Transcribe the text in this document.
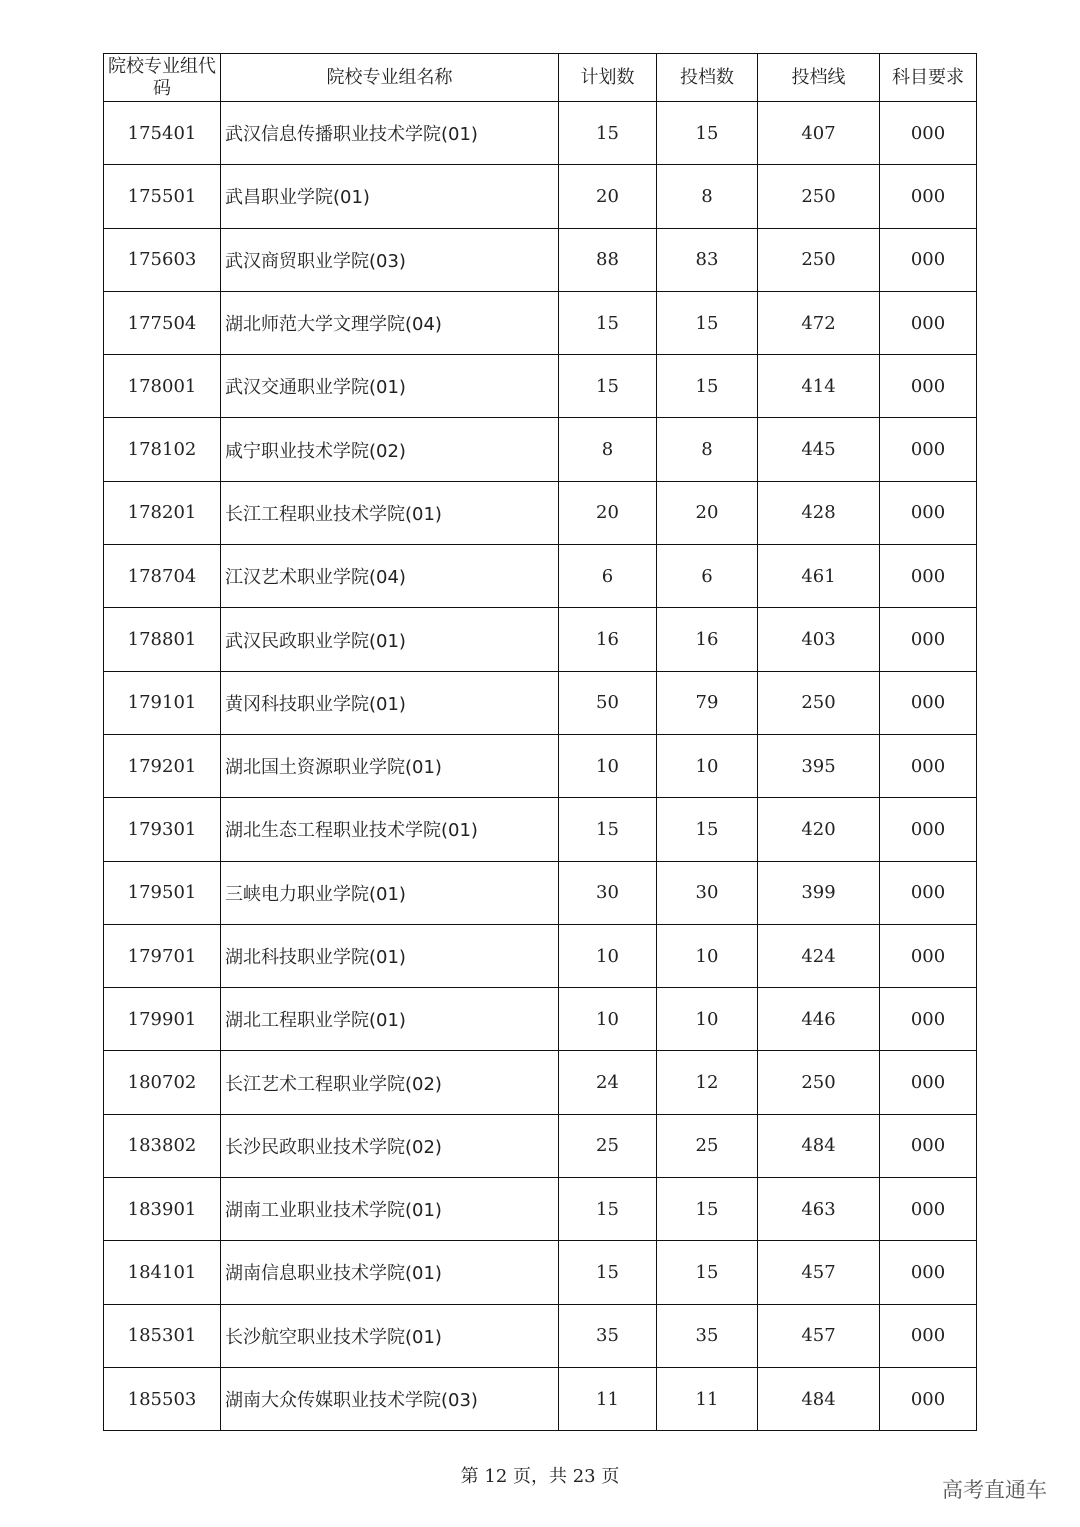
院校专业组代码	院校专业组名称	计划数	投档数	投档线	科目要求
175401	武汉信息传播职业技术学院(01)	15	15	407	000
175501	武昌职业学院(01)	20	8	250	000
175603	武汉商贸职业学院(03)	88	83	250	000
177504	湖北师范大学文理学院(04)	15	15	472	000
178001	武汉交通职业学院(01)	15	15	414	000
178102	咸宁职业技术学院(02)	8	8	445	000
178201	长江工程职业技术学院(01)	20	20	428	000
178704	江汉艺术职业学院(04)	6	6	461	000
178801	武汉民政职业学院(01)	16	16	403	000
179101	黄冈科技职业学院(01)	50	79	250	000
179201	湖北国土资源职业学院(01)	10	10	395	000
179301	湖北生态工程职业技术学院(01)	15	15	420	000
179501	三峡电力职业学院(01)	30	30	399	000
179701	湖北科技职业学院(01)	10	10	424	000
179901	湖北工程职业学院(01)	10	10	446	000
180702	长江艺术工程职业学院(02)	24	12	250	000
183802	长沙民政职业技术学院(02)	25	25	484	000
183901	湖南工业职业技术学院(01)	15	15	463	000
184101	湖南信息职业技术学院(01)	15	15	457	000
185301	长沙航空职业技术学院(01)	35	35	457	000
185503	湖南大众传媒职业技术学院(03)	11	11	484	000
第 12 页，共 23 页
高考直通车
